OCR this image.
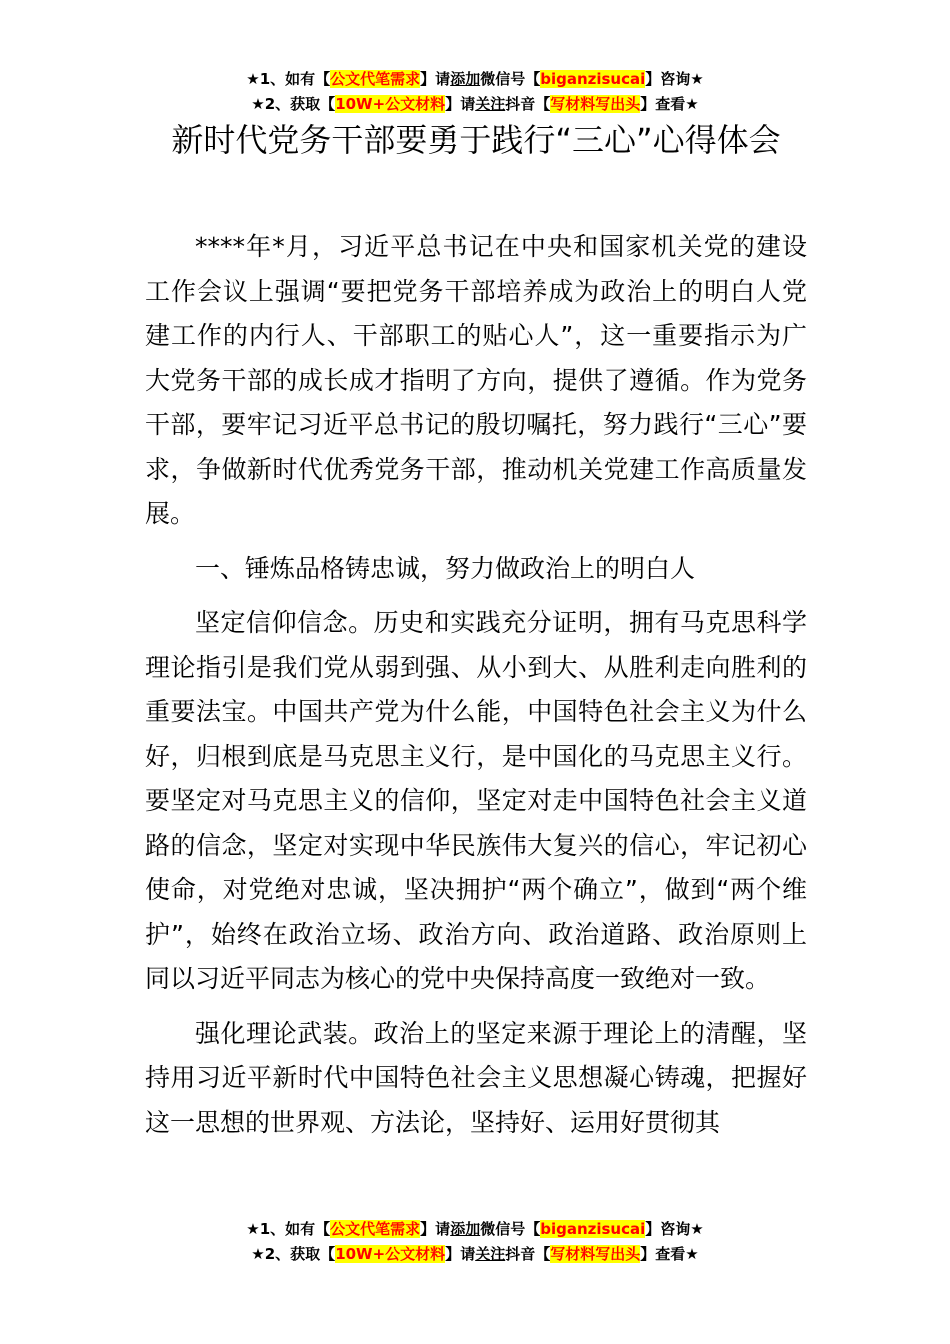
★1、如有【公文代笔需求】请添加微信号【biganzisucai】咨询★
★2、获取【10W+公文材料】请关注抖音【写材料写出头】查看★
新时代党务干部要勇于践行“三心”心得体会

****年*月，习近平总书记在中央和国家机关党的建设工作会议上强调“要把党务干部培养成为政治上的明白人党建工作的内行人、干部职工的贴心人”，这一重要指示为广大党务干部的成长成才指明了方向，提供了遵循。作为党务干部，要牢记习近平总书记的殷切嘱托，努力践行“三心”要求，争做新时代优秀党务干部，推动机关党建工作高质量发展。

一、锤炼品格铸忠诚，努力做政治上的明白人

坚定信仰信念。历史和实践充分证明，拥有马克思科学理论指引是我们党从弱到强、从小到大、从胜利走向胜利的重要法宝。中国共产党为什么能，中国特色社会主义为什么好，归根到底是马克思主义行，是中国化的马克思主义行。要坚定对马克思主义的信仰，坚定对走中国特色社会主义道路的信念，坚定对实现中华民族伟大复兴的信心，牢记初心使命，对党绝对忠诚，坚决拥护“两个确立”，做到“两个维护”，始终在政治立场、政治方向、政治道路、政治原则上同以习近平同志为核心的党中央保持高度一致绝对一致。

强化理论武装。政治上的坚定来源于理论上的清醒，坚持用习近平新时代中国特色社会主义思想凝心铸魂，把握好这一思想的世界观、方法论，坚持好、运用好贯彻其

★1、如有【公文代笔需求】请添加微信号【biganzisucai】咨询★
★2、获取【10W+公文材料】请关注抖音【写材料写出头】查看★
